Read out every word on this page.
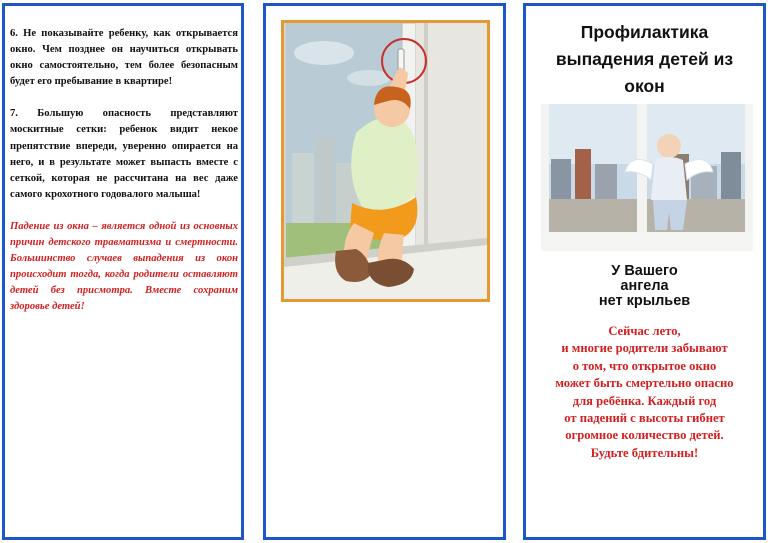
6. Не показывайте ребенку, как открывается окно. Чем позднее он научиться открывать окно самостоятельно, тем более безопасным будет его пребывание в квартире!

7. Большую опасность представляют москитные сетки: ребенок видит некое препятствие впереди, уверенно опирается на него, и в результате может выпасть вместе с сеткой, которая не рассчитана на вес даже самого крохотного годовалого малыша!

Падение из окна – является одной из основных причин детского травматизма и смертности. Большинство случаев выпадения из окон происходит тогда, когда родители оставляют детей без присмотра. Вместе сохраним здоровье детей!

Профилактика
выпадения детей из
окон
У Вашего
ангела
нет крыльев
Сейчас лето,
и многие родители забывают
о том, что открытое окно
может быть смертельно опасно
для ребёнка. Каждый год
от падений с высоты гибнет
огромное количество детей.
Будьте бдительны!
